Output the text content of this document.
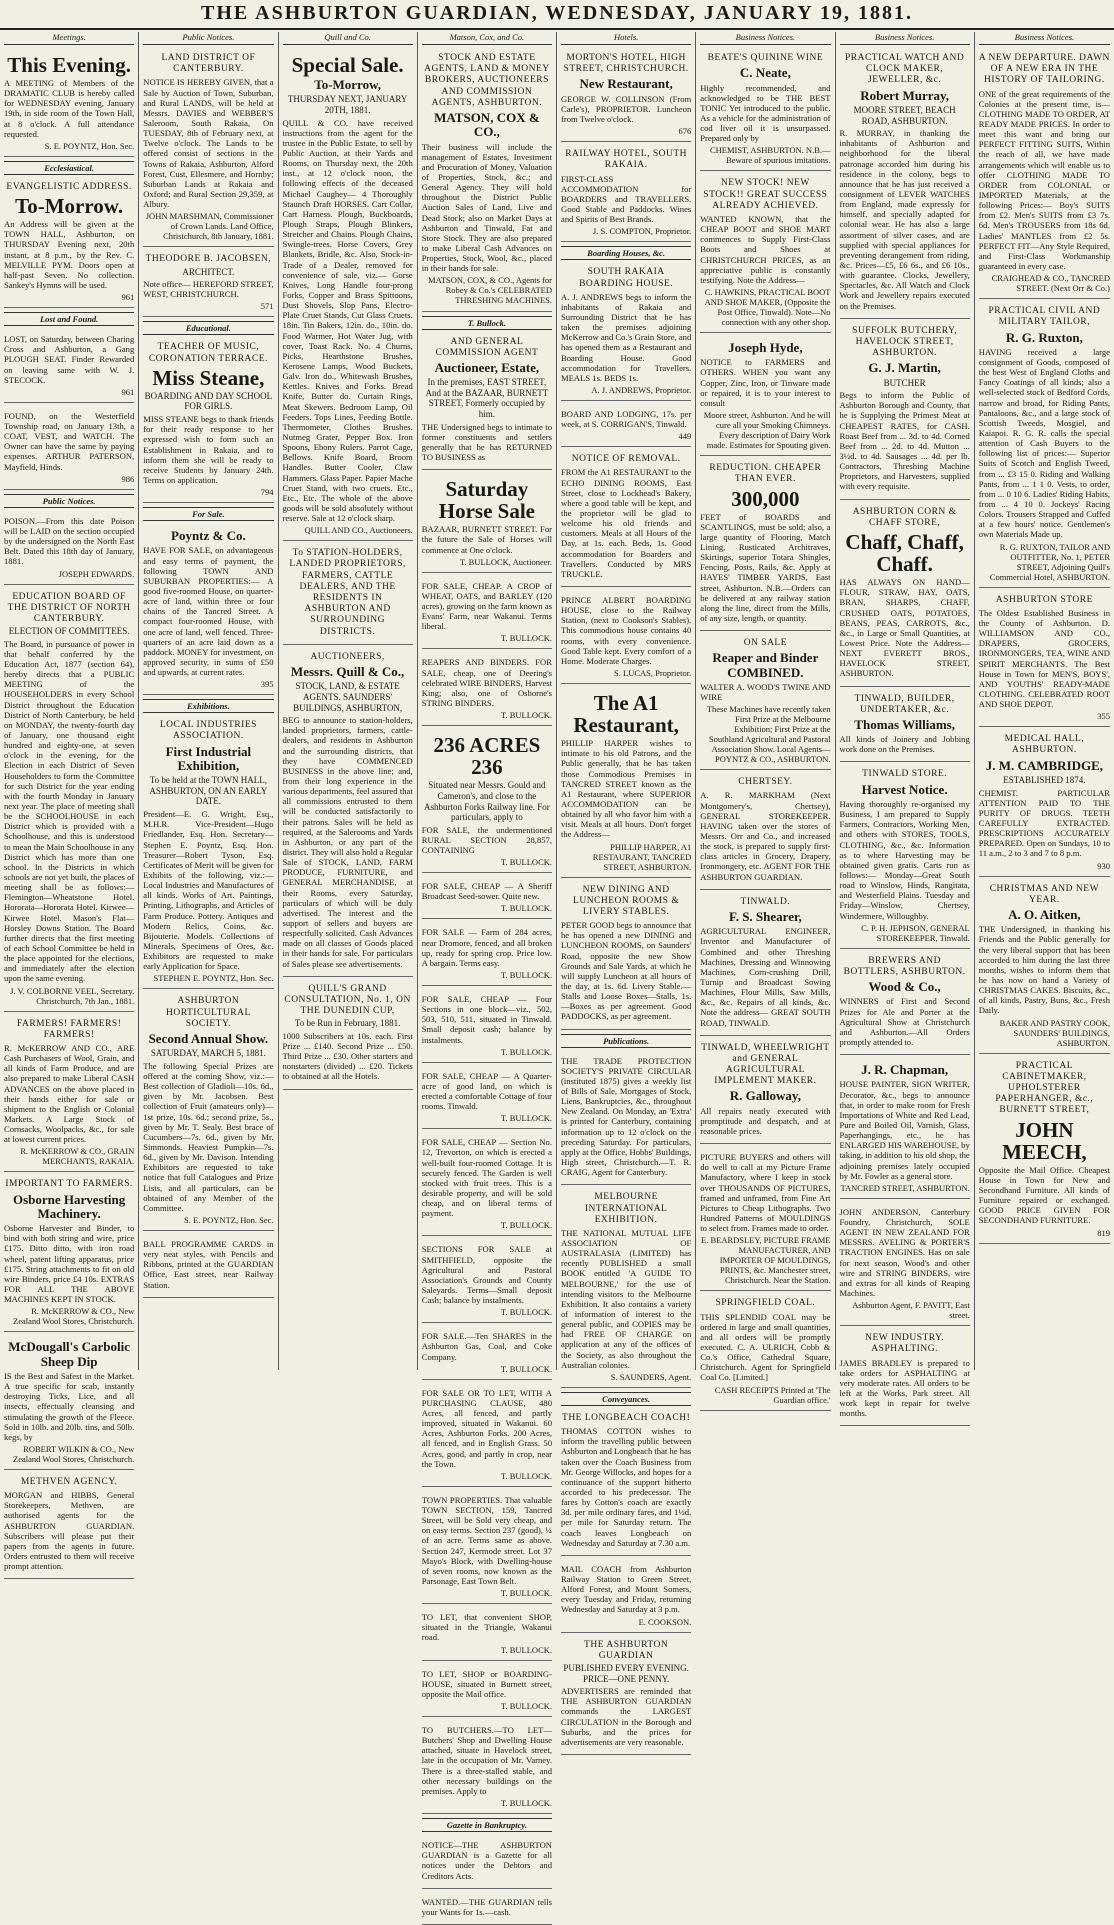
THE ASHBURTON GUARDIAN, WEDNESDAY, JANUARY 19, 1881.
Meetings.
This Evening.
A MEETING of Members of the DRAMATIC CLUB is hereby called for WEDNESDAY evening, January 19th, in side room of the Town Hall, at 8 o'clock. A full attendance requested.
S. E. POYNTZ, Hon. Sec.
Ecclesiastical.
EVANGELISTIC ADDRESS.
To-Morrow.
An Address will be given at the TOWN HALL, Ashburton, on THURSDAY Evening next, 20th instant, at 8 p.m., by the Rev. C. MELVILLE PYM. Doors open at half-past Seven. No collection. Sankey's Hymns will be used.
961
Lost and Found.
LOST, on Saturday, between Charing Cross and Ashburton, a Gang PLOUGH SEAT. Finder Rewarded on leaving same with W. J. STECOCK.
961
FOUND, on the Westerfield Township road, on January 13th, a COAT, VEST, and WATCH. The Owner can have the same by paying expenses. ARTHUR PATERSON, Mayfield, Hinds.
986
Public Notices.
POISON.—From this date Poison will be LAID on the section occupied by the undersigned on the North East Belt. Dated this 18th day of January, 1881.
JOSEPH EDWARDS.
EDUCATION BOARD OF THE DISTRICT OF NORTH CANTERBURY.
ELECTION OF COMMITTEES.
The Board, in pursuance of power in that behalf conferred by the Education Act, 1877 (section 64), hereby directs that a PUBLIC MEETING of the HOUSEHOLDERS in every School District throughout the Education District of North Canterbury, be held on MONDAY, the twenty-fourth day of January, one thousand eight hundred and eighty-one, at seven o'clock in the evening, for the Election in each District of Seven Householders to form the Committee for such District for the year ending with the fourth Monday in January next year. The place of meeting shall be the SCHOOLHOUSE in each District which is provided with a Schoolhouse, and this is understood to mean the Main Schoolhouse in any District which has more than one school. In the Districts in which schools are not yet built, the places of meeting shall be as follows:— Flemington—Wheatstone Hotel. Hororata—Hororata Hotel. Kirwee—Kirwee Hotel. Mason's Flat—Horsley Downs Station. The Board further directs that the first meeting of each School Committee be held in the place appointed for the elections, and immediately after the election upon the same evening.
J. V. COLBORNE VEEL, Secretary. Christchurch, 7th Jan., 1881.
FARMERS! FARMERS! FARMERS!
R. McKERROW AND CO., ARE Cash Purchasers of Wool, Grain, and all kinds of Farm Produce, and are also prepared to make Liberal CASH ADVANCES on the above placed in their hands either for sale or shipment to the English or Colonial Markets. A Large Stock of Cornsacks, Woolpacks, &c., for sale at lowest current prices.
R. McKERROW & CO., GRAIN MERCHANTS, RAKAIA.
IMPORTANT TO FARMERS.
Osborne Harvesting Machinery.
Osborne Harvester and Binder, to bind with both string and wire, price £175. Ditto ditto, with iron road wheel, patent lifting apparatus, price £175. String attachments to fit on old wire Binders, price £4 10s. EXTRAS FOR ALL THE ABOVE MACHINES KEPT IN STOCK.
R. McKERROW & CO., New Zealand Wool Stores, Christchurch.
McDougall's Carbolic Sheep Dip
IS the Best and Safest in the Market. A true specific for scab, instantly destroying Ticks, Lice, and all insects, effectually cleansing and stimulating the growth of the Fleece. Sold in 10lb. and 20lb. tins, and 50lb. kegs, by
ROBERT WILKIN & CO., New Zealand Wool Stores, Christchurch.
METHVEN AGENCY.
MORGAN and HIBBS, General Storekeepers, Methven, are authorised agents for the ASHBURTON GUARDIAN. Subscribers will please put their papers from the agents in future. Orders entrusted to them will receive prompt attention.
Public Notices.
LAND DISTRICT OF CANTERBURY.
NOTICE IS HEREBY GIVEN, that a Sale by Auction of Town, Suburban, and Rural LANDS, will be held at Messrs. DAVIES and WEBBER'S Saleroom, South Rakaia, On TUESDAY, 8th of February next, at Twelve o'clock. The Lands to be offered consist of sections in the Towns of Rakaia, Ashburton, Alford Forest, Cust, Ellesmere, and Hornby; Suburban Lands at Rakaia and Oxford; and Rural Section 29,359, at Albury.
JOHN MARSHMAN, Commissioner of Crown Lands. Land Office, Christchurch, 8th January, 1881.
THEODORE B. JACOBSEN,
ARCHITECT.
Note office— HEREFORD STREET, WEST, CHRISTCHURCH.
571
Educational.
TEACHER OF MUSIC, CORONATION TERRACE.
Miss Steane,
BOARDING AND DAY SCHOOL FOR GIRLS.
MISS STEANE begs to thank friends for their ready response to her expressed wish to form such an Establishment in Rakaia, and to inform them she will be ready to receive Students by January 24th. Terms on application.
794
For Sale.
Poyntz & Co.
HAVE FOR SALE, on advantageous and easy terms of payment, the following TOWN AND SUBURBAN PROPERTIES:— A good five-roomed House, on quarter-acre of land, within three or four chains of the Tancred Street. A compact four-roomed House, with one acre of land, well fenced. Three-quarters of an acre laid down as a paddock. MONEY for investment, on approved security, in sums of £50 and upwards, at current rates.
395
Exhibitions.
LOCAL INDUSTRIES ASSOCIATION.
First Industrial Exhibition,
To be held at the TOWN HALL, ASHBURTON, ON AN EARLY DATE.
President—E. G. Wright, Esq., M.H.R. Vice-President—Hugo Friedlander, Esq. Hon. Secretary—Stephen E. Poyntz, Esq. Hon. Treasurer—Robert Tyson, Esq. Certificates of Merit will be given for Exhibits of the following, viz.:— Local Industries and Manufactures of all kinds. Works of Art. Paintings, Printing, Lithographs, and Articles of Farm Produce. Pottery. Antiques and Modern Relics, Coins, &c. Bijouterie. Models. Collections of Minerals, Specimens of Ores, &c. Exhibitors are requested to make early Application for Space.
STEPHEN E. POYNTZ, Hon. Sec.
ASHBURTON HORTICULTURAL SOCIETY.
Second Annual Show.
SATURDAY, MARCH 5, 1881.
The following Special Prizes are offered at the coming Show, viz.:— Best collection of Gladioli—10s. 6d., given by Mr. Jacobsen. Best collection of Fruit (amateurs only)—1st prize, 10s. 6d.; second prize, 5s., given by Mr. T. Sealy. Best brace of Cucumbers—7s. 6d., given by Mr. Simmonds. Heaviest Pumpkin—7s. 6d., given by Mr. Davison. Intending Exhibitors are requested to take notice that full Catalogues and Prize Lists, and all particulars, can be obtained of any Member of the Committee.
S. E. POYNTZ, Hon. Sec.
BALL PROGRAMME CARDS in very neat styles, with Pencils and Ribbons, printed at the GUARDIAN Office, East street, near Railway Station.
Quill and Co.
Special Sale.
To-Morrow,
THURSDAY NEXT, JANUARY 20TH, 1881.
QUILL & CO. have received instructions from the agent for the trustee in the Public Estate, to sell by Public Auction, at their Yards and Rooms, on Thursday next, the 20th inst., at 12 o'clock noon, the following effects of the deceased Michael Caughey— 4 Thoroughly Staunch Draft HORSES. Cart Collar, Cart Harness. Plough, Buckboards, Plough Straps, Plough Blinkers, Stretcher and Chains. Plough Chains, Swingle-trees. Horse Covers, Grey Blankets, Bridle, &c. Also, Stock-in-Trade of a Dealer, removed for convenience of sale, viz.— Gorse Knives, Long Handle four-prong Forks, Copper and Brass Spittoons, Dust Shovels, Slop Pans, Electro-Plate Cruet Stands, Cut Glass Cruets. 18in. Tin Bakers, 12in. do., 10in. do. Food Warmer, Hot Water Jug, with cover, Toast Rack. No. 4 Churns, Picks, Hearthstone Brushes, Kerosene Lamps, Wood Buckets, Galv. Iron do., Whitewash Brushes, Kettles. Knives and Forks. Bread Knife, Butter do. Curtain Rings, Meat Skewers. Bedroom Lamp, Oil Feeders. Tops Lines, Feeding Bottle. Thermometer, Clothes Brushes. Nutmeg Grater, Pepper Box. Iron Spoons, Ebony Rulers. Parrot Cage, Bellows. Knife Board, Broom Handles. Butter Cooler, Claw Hammers. Glass Paper. Papier Mache Cruet Stand, with two cruets. Etc., Etc., Etc. The whole of the above goods will be sold absolutely without reserve. Sale at 12 o'clock sharp.
QUILL AND CO., Auctioneers.
To STATION-HOLDERS, LANDED PROPRIETORS, FARMERS, CATTLE DEALERS, AND THE RESIDENTS IN ASHBURTON AND SURROUNDING DISTRICTS.
AUCTIONEERS,
Messrs. Quill & Co.,
STOCK, LAND, & ESTATE AGENTS. SAUNDERS' BUILDINGS, ASHBURTON,
BEG to announce to station-holders, landed proprietors, farmers, cattle-dealers, and residents in Ashburton and the surrounding districts, that they have COMMENCED BUSINESS in the above line; and, from their long experience in the various departments, feel assured that all commissions entrusted to them will be conducted satisfactorily to their patrons. Sales will be held as required, at the Salerooms and Yards in Ashburton, or any part of the district. They will also hold a Regular Sale of STOCK, LAND, FARM PRODUCE, FURNITURE, and GENERAL MERCHANDISE, at their Rooms, every Saturday, particulars of which will be duly advertised. The interest and the support of sellers and buyers are respectfully solicited. Cash Advances made on all classes of Goods placed in their hands for sale. For particulars of Sales please see advertisements.
QUILL'S GRAND CONSULTATION, No. 1, ON THE DUNEDIN CUP,
To be Run in February, 1881.
1000 Subscribers at 10s. each. First Prize ... £140. Second Prize ... £50. Third Prize ... £30. Other starters and nonstarters (divided) ... £20. Tickets to obtained at all the Hotels.
Matson, Cox, and Co.
STOCK AND ESTATE AGENTS, LAND & MONEY BROKERS, AUCTIONEERS AND COMMISSION AGENTS, ASHBURTON.
MATSON, COX & CO.,
Their business will include the management of Estates, Investment and Procuration of Money, Valuation of Properties, Stock, &c.; and General Agency. They will hold throughout the District Public Auction Sales of Land, Live and Dead Stock; also on Market Days at Ashburton and Tinwald, Fat and Store Stock. They are also prepared to make Liberal Cash Advances on Properties, Stock, Wool, &c., placed in their hands for sale.
MATSON, COX, & CO., Agents for Robey & Co.'s CELEBRATED THRESHING MACHINES.
T. Bullock.
AND GENERAL COMMISSION AGENT
Auctioneer, Estate,
In the premises, EAST STREET, And at the BAZAAR, BURNETT STREET, Formerly occupied by him.
THE Undersigned begs to intimate to former constituents and settlers generally that he has RETURNED TO BUSINESS as
Saturday Horse Sale
BAZAAR, BURNETT STREET. For the future the Sale of Horses will commence at One o'clock.
T. BULLOCK, Auctioneer.
FOR SALE, CHEAP. A CROP of WHEAT, OATS, and BARLEY (120 acres), growing on the farm known as Evans' Farm, near Wakanui. Terms liberal.
T. BULLOCK.
REAPERS AND BINDERS. FOR SALE, cheap, one of Deering's celebrated WIRE BINDERS, Harvest King; also, one of Osborne's STRING BINDERS.
T. BULLOCK.
236 ACRES 236
Situated near Messrs. Gould and Cameron's, and close to the Ashburton Forks Railway line. For particulars, apply to
FOR SALE, the undermentioned RURAL SECTION 28,857, CONTAINING
T. BULLOCK.
FOR SALE, CHEAP — A Sheriff Broadcast Seed-sower. Quite new.
T. BULLOCK.
FOR SALE — Farm of 284 acres, near Dromore, fenced, and all broken up, ready for spring crop. Price low. A bargain. Terms easy.
T. BULLOCK.
FOR SALE, CHEAP — Four Sections in one block—viz., 502, 503, 510, 511, situated in Tinwald. Small deposit cash; balance by instalments.
T. BULLOCK.
FOR SALE, CHEAP — A Quarter-acre of good land, on which is erected a comfortable Cottage of four rooms. Tinwald.
T. BULLOCK.
FOR SALE, CHEAP — Section No. 12, Trevorton, on which is erected a well-built four-roomed Cottage. It is securely fenced. The Garden is well stocked with fruit trees. This is a desirable property, and will be sold cheap, and on liberal terms of payment.
T. BULLOCK.
SECTIONS FOR SALE at SMITHFIELD, opposite the Agricultural and Pastoral Association's Grounds and County Saleyards. Terms—Small deposit Cash; balance by instalments.
T. BULLOCK.
FOR SALE.—Ten SHARES in the Ashburton Gas, Coal, and Coke Company.
T. BULLOCK.
FOR SALE OR TO LET, WITH A PURCHASING CLAUSE, 480 Acres, all fenced, and partly improved, situated in Wakanui. 60 Acres, Ashburton Forks. 200 Acres, all fenced, and in English Grass. 50 Acres, good, and partly in crop, near the Town.
T. BULLOCK.
TOWN PROPERTIES. That valuable TOWN SECTION, 159, Tancred Street, will be Sold very cheap, and on easy terms. Section 237 (good), ¼ of an acre. Terms same as above. Section 247, Kermode street. Lot 37 Mayo's Block, with Dwelling-house of seven rooms, now known as the Parsonage, East Town Belt.
T. BULLOCK.
TO LET, that convenient SHOP, situated in the Triangle, Wakanui road.
T. BULLOCK.
TO LET, SHOP or BOARDING-HOUSE, situated in Burnett street, opposite the Mail office.
T. BULLOCK.
TO BUTCHERS.—TO LET—Butchers' Shop and Dwelling House attached, situate in Havelock street, late in the occupation of Mr. Varney. There is a three-stalled stable, and other necessary buildings on the premises. Apply to
T. BULLOCK.
Gazette in Bankruptcy.
NOTICE—THE ASHBURTON GUARDIAN is a Gazette for all notices under the Debtors and Creditors Acts.
WANTED.—THE GUARDIAN tells your Wants for 1s.—cash.
Hotels.
MORTON'S HOTEL, HIGH STREET, CHRISTCHURCH.
New Restaurant,
GEORGE W. COLLINSON (From Carle's), PROPRIETOR. Luncheon from Twelve o'clock.
676
RAILWAY HOTEL, SOUTH RAKAIA.
FIRST-CLASS ACCOMMODATION for BOARDERS and TRAVELLERS. Good Stable and Paddocks. Wines and Spirits of Best Brands.
J. S. COMPTON, Proprietor.
Boarding Houses, &c.
SOUTH RAKAIA BOARDING HOUSE.
A. J. ANDREWS begs to inform the inhabitants of Rakaia and Surrounding District that he has taken the premises adjoining McKerrow and Co.'s Grain Store, and has opened them as a Restaurant and Boarding House. Good accommodation for Travellers. MEALS 1s. BEDS 1s.
A. J. ANDREWS, Proprietor.
BOARD AND LODGING, 17s. per week, at S. CORRIGAN'S, Tinwald.
449
NOTICE OF REMOVAL.
FROM the A1 RESTAURANT to the ECHO DINING ROOMS, East Street, close to Lockhead's Bakery, where a good table will be kept, and the proprietor will be glad to welcome his old friends and customers. Meals at all Hours of the Day, at 1s. each. Beds, 1s. Good accommodation for Boarders and Travellers. Conducted by MRS TRUCKLE.
PRINCE ALBERT BOARDING HOUSE, close to the Railway Station, (next to Cookson's Stables). This commodious house contains 40 rooms, with every convenience. Good Table kept. Every comfort of a Home. Moderate Charges.
S. LUCAS, Proprietor.
The A1 Restaurant,
PHILLIP HARPER wishes to intimate to his old Patrons, and the Public generally, that he has taken those Commodious Premises in TANCRED STREET known as the A1 Restaurant, where SUPERIOR ACCOMMODATION can be obtained by all who favor him with a visit. Meals at all hours. Don't forget the Address—
PHILLIP HARPER, A1 RESTAURANT, TANCRED STREET, ASHBURTON.
NEW DINING AND LUNCHEON ROOMS & LIVERY STABLES.
PETER GOOD begs to announce that he has opened a new DINING and LUNCHEON ROOMS, on Saunders' Road, opposite the new Show Grounds and Sale Yards, at which he will supply Luncheon at all hours of the day, at 1s. 6d. Livery Stable.—Stalls and Loose Boxes—Stalls, 1s.—Boxes as per agreement. Good PADDOCKS, as per agreement.
Publications.
THE TRADE PROTECTION SOCIETY'S PRIVATE CIRCULAR (instituted 1875) gives a weekly list of Bills of Sale, Mortgages of Stock, Liens, Bankruptcies, &c., throughout New Zealand. On Monday, an 'Extra' is printed for Canterbury, containing information up to 12 o'clock on the preceding Saturday. For particulars, apply at the Office, Hobbs' Buildings, High street, Christchurch.—T. R. CRAIG, Agent for Canterbury.
MELBOURNE INTERNATIONAL EXHIBITION.
THE NATIONAL MUTUAL LIFE ASSOCIATION OF AUSTRALASIA (LIMITED) has recently PUBLISHED a small BOOK entitled 'A GUIDE TO MELBOURNE,' for the use of intending visitors to the Melbourne Exhibition. It also contains a variety of information of interest to the general public, and COPIES may be had FREE OF CHARGE on application at any of the offices of the Society, as also throughout the Australian colonies.
S. SAUNDERS, Agent.
Conveyances.
THE LONGBEACH COACH!
THOMAS COTTON wishes to inform the travelling public between Ashburton and Longbeach that he has taken over the Coach Business from Mr. George Willocks, and hopes for a continuance of the support hitherto accorded to his predecessor. The fares by Cotton's coach are exactly 3d. per mile ordinary fares, and 1½d. per mile for Saturday return. The coach leaves Longbeach on Wednesday and Saturday at 7.30 a.m.
MAIL COACH from Ashburton Railway Station to Green Street, Alford Forest, and Mount Somers, every Tuesday and Friday, returning Wednesday and Saturday at 3 p.m.
E. COOKSON.
THE ASHBURTON GUARDIAN
PUBLISHED EVERY EVENING. PRICE—ONE PENNY.
ADVERTISERS are reminded that THE ASHBURTON GUARDIAN commands the LARGEST CIRCULATION in the Borough and Suburbs, and the prices for advertisements are very reasonable.
Business Notices.
BEATE'S QUININE WINE
C. Neate,
Highly recommended, and acknowledged to be THE BEST TONIC Yet introduced to the public. As a vehicle for the administration of cod liver oil it is unsurpassed. Prepared only by
CHEMIST, ASHBURTON. N.B.—Beware of spurious imitations.
NEW STOCK! NEW STOCK!! GREAT SUCCESS ALREADY ACHIEVED.
WANTED KNOWN, that the CHEAP BOOT and SHOE MART commences to Supply First-Class Boots and Shoes at CHRISTCHURCH PRICES, as an appreciative public is constantly testifying. Note the Address—
C. HAWKINS, PRACTICAL BOOT AND SHOE MAKER, (Opposite the Post Office, Tinwald). Note—No connection with any other shop.
Joseph Hyde,
NOTICE to FARMERS and OTHERS. WHEN you want any Copper, Zinc, Iron, or Tinware made or repaired, it is to your interest to consult
Moore street, Ashburton. And he will cure all your Smoking Chimneys. Every description of Dairy Work made. Estimates for Spouting given.
REDUCTION. CHEAPER THAN EVER.
300,000
FEET of BOARDS and SCANTLINGS, must be sold; also, a large quantity of Flooring, Match Lining, Rusticated Architraves, Skirtings, superior Totara Shingles, Fencing, Posts, Rails, &c. Apply at HAYES' TIMBER YARDS, East street, Ashburton. N.B.—Orders can be delivered at any railway station along the line, direct from the Mills, of any size, length, or quantity.
ON SALE
Reaper and Binder COMBINED.
WALTER A. WOOD'S TWINE AND WIRE
These Machines have recently taken First Prize at the Melbourne Exhibition; First Prize at the Southland Agricultural and Pastoral Association Show. Local Agents— POYNTZ & CO., ASHBURTON.
CHERTSEY.
A. R. MARKHAM (Next Montgomery's, Chertsey), GENERAL STOREKEEPER. HAVING taken over the stores of Messrs. Orr and Co., and increased the stock, is prepared to supply first-class articles in Grocery, Drapery, Ironmongery, etc. AGENT FOR THE ASHBURTON GUARDIAN.
TINWALD.
F. S. Shearer,
AGRICULTURAL ENGINEER, Inventor and Manufacturer of Combined and other Threshing Machines, Dressing and Winnowing Machines, Corn-crushing Drill, Turnip and Broadcast Sowing Machines, Flour Mills, Saw Mills, &c., &c. Repairs of all kinds, &c. Note the address— GREAT SOUTH ROAD, TINWALD.
TINWALD, WHEELWRIGHT and GENERAL AGRICULTURAL IMPLEMENT MAKER.
R. Galloway,
All repairs neatly executed with promptitude and despatch, and at reasonable prices.
PICTURE BUYERS and others will do well to call at my Picture Frame Manufactory, where I keep in stock over THOUSANDS OF PICTURES, framed and unframed, from Fine Art Pictures to Cheap Lithographs. Two Hundred Patterns of MOULDINGS to select from. Frames made to order.
E. BEARDSLEY, PICTURE FRAME MANUFACTURER, AND IMPORTER OF MOULDINGS, PRINTS, &c. Manchester street, Christchurch. Near the Station.
SPRINGFIELD COAL.
THIS SPLENDID COAL may be ordered in large and small quantities, and all orders will be promptly executed. C. A. ULRICH, Cobb & Co.'s Office, Cathedral Square, Christchurch. Agent for Springfield Coal Co. [Limited.]
CASH RECEIPTS Printed at 'The Guardian office.'
Business Notices.
PRACTICAL WATCH AND CLOCK MAKER, JEWELLER, &c.
Robert Murray,
MOORE STREET, BEACH ROAD, ASHBURTON.
R. MURRAY, in thanking the inhabitants of Ashburton and neighborhood for the liberal patronage accorded him during his residence in the colony, begs to announce that he has just received a consignment of LEVER WATCHES from England, made expressly for himself, and specially adapted for colonial wear. He has also a large assortment of silver cases, and are supplied with special appliances for preventing derangement from riding, &c. Prices—£5, £6 6s., and £6 10s., with guarantee. Clocks, Jewellery, Spectacles, &c. All Watch and Clock Work and Jewellery repairs executed on the Premises.
SUFFOLK BUTCHERY, HAVELOCK STREET, ASHBURTON.
G. J. Martin,
BUTCHER
Begs to inform the Public of Ashburton Borough and County, that he is Supplying the Primest Meat at CHEAPEST RATES, for CASH. Roast Beef from ... 3d. to 4d. Corned Beef from ... 2d. to 4d. Mutton ... 3½d. to 4d. Sausages ... 4d. per lb. Contractors, Threshing Machine Proprietors, and Harvesters, supplied with every requisite.
ASHBURTON CORN & CHAFF STORE,
Chaff, Chaff, Chaff.
HAS ALWAYS ON HAND— FLOUR, STRAW, HAY, OATS, BRAN, SHARPS, CHAFF, CRUSHED OATS, POTATOES, BEANS, PEAS, CARROTS, &c., &c., in Large or Small Quantities, at Lowest Price. Note the Address— NEXT EVERETT BROS., HAVELOCK STREET, ASHBURTON.
TINWALD, BUILDER, UNDERTAKER, &c.
Thomas Williams,
All kinds of Joinery and Jobbing work done on the Premises.
TINWALD STORE.
Harvest Notice.
Having thoroughly re-organised my Business, I am prepared to Supply Farmers, Contractors, Working Men, and others with STORES, TOOLS, CLOTHING, &c., &c. Information as to where Harvesting may be obtained given gratis. Carts run as follows:— Monday—Great South road to Winslow, Hinds, Rangitata, and Westerfield Plains. Tuesday and Friday—Winslow, Chertsey, Windermere, Willoughby.
C. P. H. JEPHSON, GENERAL STOREKEEPER, Tinwald.
BREWERS AND BOTTLERS, ASHBURTON.
Wood & Co.,
WINNERS of First and Second Prizes for Ale and Porter at the Agricultural Show at Christchurch and Ashburton.—All Orders promptly attended to.
J. R. Chapman,
HOUSE PAINTER, SIGN WRITER, Decorator, &c., begs to announce that, in order to make room for Fresh Importations of White and Red Lead, Pure and Boiled Oil, Varnish, Glass, Paperhangings, etc., he has ENLARGED HIS WAREHOUSE, by taking, in addition to his old shop, the adjoining premises lately occupied by Mr. Fowler as a general store.
TANCRED STREET, ASHBURTON.
JOHN ANDERSON, Canterbury Foundry, Christchurch, SOLE AGENT IN NEW ZEALAND FOR MESSRS. AVELING & PORTER'S TRACTION ENGINES. Has on sale for next season, Wood's and other wire and STRING BINDERS, wire and extras for all kinds of Reaping Machines.
Ashburton Agent, F. PAVITT, East street.
NEW INDUSTRY. ASPHALTING.
JAMES BRADLEY is prepared to take orders for ASPHALTING at very moderate rates. All orders to be left at the Works, Park street. All work kept in repair for twelve months.
Business Notices.
A NEW DEPARTURE. DAWN OF A NEW ERA IN THE HISTORY OF TAILORING.
ONE of the great requirements of the Colonies at the present time, is— CLOTHING MADE TO ORDER, AT READY MADE PRICES. In order to meet this want and bring our PERFECT FITTING SUITS, Within the reach of all, we have made arrangements which will enable us to offer CLOTHING MADE TO ORDER from COLONIAL or IMPORTED Materials, at the following Prices:— Boy's SUITS from £2. Men's SUITS from £3 7s. 6d. Men's TROUSERS from 18s 6d. Ladies' MANTLES from £2 5s. PERFECT FIT—Any Style Required, and First-Class Workmanship guaranteed in every case.
CRAIGHEAD & CO., TANCRED STREET. (Next Orr & Co.)
PRACTICAL CIVIL AND MILITARY TAILOR,
R. G. Ruxton,
HAVING received a large consignment of Goods, composed of the best West of England Cloths and Fancy Coatings of all kinds; also a well-selected stock of Bedford Cords, narrow and broad, for Riding Pants, Pantaloons, &c., and a large stock of Scottish Tweeds, Mosgiel, and Kaiapoi. R. G. R. calls the special attention of Cash Buyers to the following list of prices:— Superior Suits of Scotch and English Tweed, from ... £3 15 0. Riding and Walking Pants, from ... 1 1 0. Vests, to order, from ... 0 10 6. Ladies' Riding Habits, from ... 4 10 0. Jockeys' Racing Colors. Trousers Strapped and Cuffed at a few hours' notice. Gentlemen's own Materials Made up.
R. G. RUXTON, TAILOR AND OUTFITTER, No. 1, PETER STREET, Adjoining Quill's Commercial Hotel, ASHBURTON.
ASHBURTON STORE
The Oldest Established Business in the County of Ashburton. D. WILLIAMSON AND CO., DRAPERS, GROCERS, IRONMONGERS, TEA, WINE AND SPIRIT MERCHANTS. The Best House in Town for MEN'S, BOYS', AND YOUTHS' READY-MADE CLOTHING. CELEBRATED ROOT AND SHOE DEPOT.
355
MEDICAL HALL, ASHBURTON.
J. M. CAMBRIDGE,
ESTABLISHED 1874.
CHEMIST. PARTICULAR ATTENTION PAID TO THE PURITY OF DRUGS. TEETH CAREFULLY EXTRACTED. PRESCRIPTIONS ACCURATELY PREPARED. Open on Sundays, 10 to 11 a.m., 2 to 3 and 7 to 8 p.m.
930
CHRISTMAS AND NEW YEAR.
A. O. Aitken,
THE Undersigned, in thanking his Friends and the Public generally for the very liberal support that has been accorded to him during the last three months, wishes to inform them that he has now on hand a Variety of CHRISTMAS CAKES. Biscuits, &c., of all kinds, Pastry, Buns, &c., Fresh Daily.
BAKER AND PASTRY COOK, SAUNDERS' BUILDINGS, ASHBURTON.
PRACTICAL CABINETMAKER, UPHOLSTERER PAPERHANGER, &c., BURNETT STREET,
JOHN MEECH,
Opposite the Mail Office. Cheapest House in Town for New and Secondhand Furniture. All kinds of Furniture repaired or exchanged. GOOD PRICE GIVEN FOR SECONDHAND FURNITURE.
819
